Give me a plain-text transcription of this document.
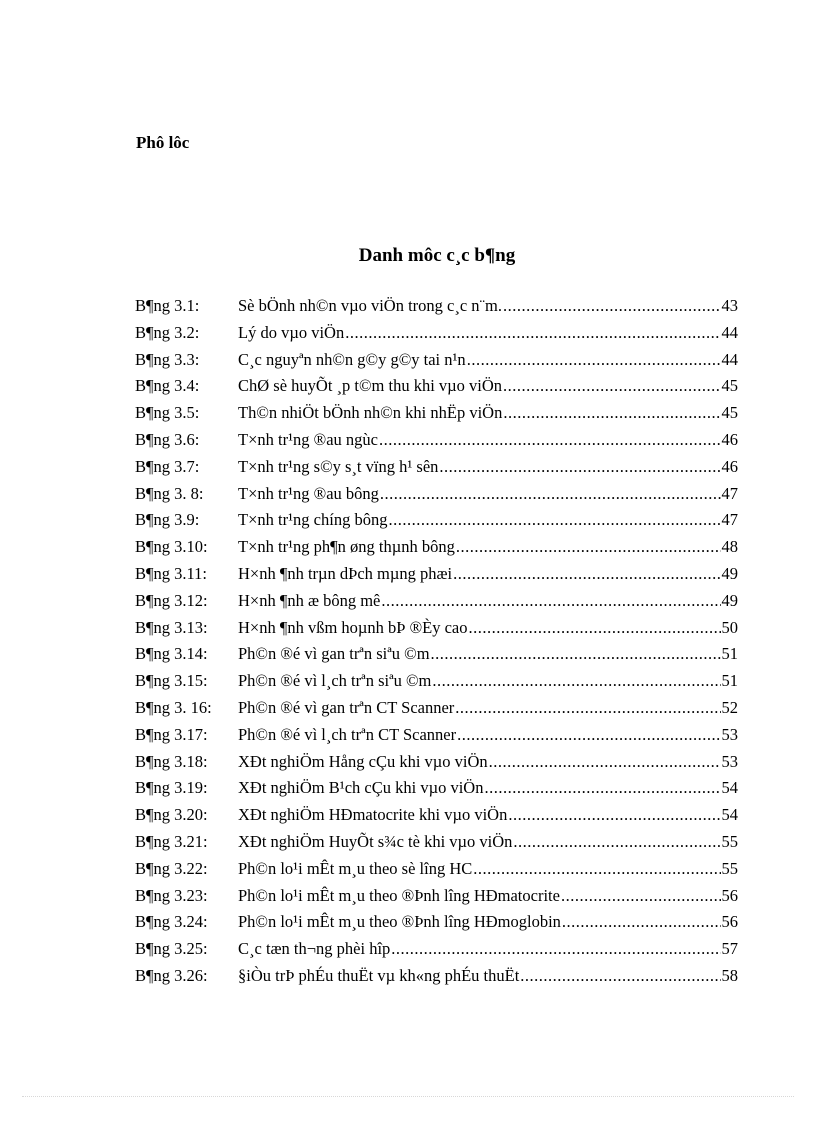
Phô lôc
Danh môc c¸c b¶ng
B¶ng 3.1:	Sè bÖnh nh©n vµo viÖn trong c¸c n¨m. .....	43
B¶ng 3.2:	Lý do vµo viÖn .....	44
B¶ng 3.3:	C¸c nguyªn nh©n g©y g©y tai n¹n .....	44
B¶ng 3.4:	ChØ sè huyÕt ¸p t©m thu khi vµo viÖn .....	45
B¶ng 3.5:	Th©n nhiÖt bÖnh nh©n khi nhËp viÖn .....	45
B¶ng 3.6:	T×nh tr¹ng ®au ngùc .....	46
B¶ng 3.7:	T×nh tr¹ng s©y s¸t vïng h¹ sên .....	46
B¶ng 3. 8:	T×nh tr¹ng ®au bông .....	47
B¶ng 3.9:	T×nh tr¹ng chíng bông .....	47
B¶ng 3.10:	T×nh tr¹ng ph¶n øng thµnh bông .....	48
B¶ng 3.11:	H×nh ¶nh trµn dÞch mµng phæi .....	49
B¶ng 3.12:	H×nh ¶nh æ bông mê .....	49
B¶ng 3.13:	H×nh ¶nh vßm hoµnh bÞ ®Èy cao .....	50
B¶ng 3.14:	Ph©n ®é vì gan trªn siªu ©m .....	51
B¶ng 3.15:	Ph©n ®é vì l¸ch trªn siªu ©m .....	51
B¶ng 3. 16:	Ph©n ®é vì gan trªn CT Scanner .....	52
B¶ng 3.17:	Ph©n ®é vì l¸ch trªn CT Scanner .....	53
B¶ng 3.18:	XÐt nghiÖm Hång cÇu khi vµo viÖn .....	53
B¶ng 3.19:	XÐt nghiÖm B¹ch cÇu khi vµo viÖn .....	54
B¶ng 3.20:	XÐt nghiÖm HÐmatocrite khi vµo viÖn .....	54
B¶ng 3.21:	XÐt nghiÖm HuyÕt s¾c tè khi vµo viÖn .....	55
B¶ng 3.22:	Ph©n lo¹i mÊt m¸u theo sè lîng HC .....	55
B¶ng 3.23:	Ph©n lo¹i mÊt m¸u theo ®Þnh lîng HÐmatocrite .....	56
B¶ng 3.24:	Ph©n lo¹i mÊt m¸u theo ®Þnh lîng HÐmoglobin .....	56
B¶ng 3.25:	C¸c tæn th¬ng phèi hîp .....	57
B¶ng 3.26:	§iÒu trÞ phÉu thuËt vµ kh«ng phÉu thuËt .....	58
